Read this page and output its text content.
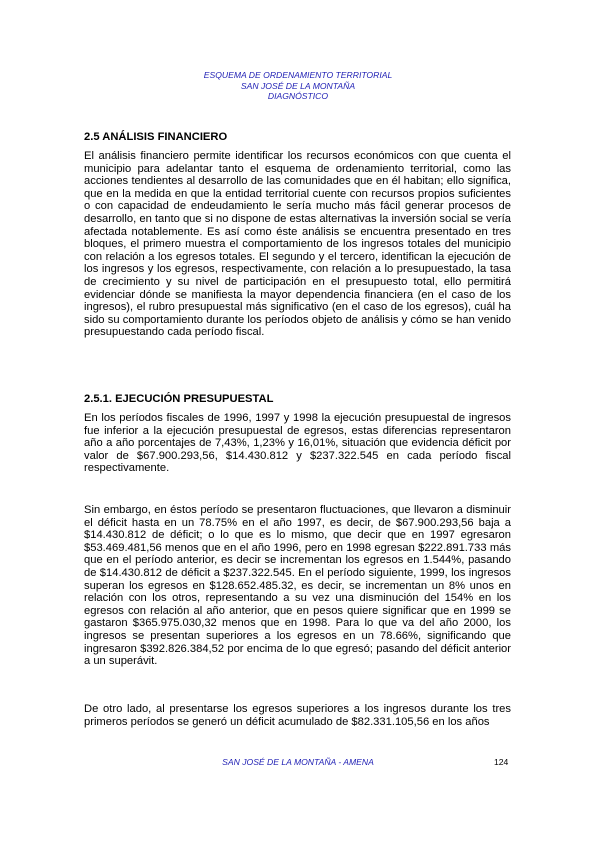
ESQUEMA DE ORDENAMIENTO TERRITORIAL
SAN JOSÉ DE LA MONTAÑA
DIAGNÓSTICO
2.5 ANÁLISIS FINANCIERO

El análisis financiero permite identificar los recursos económicos con que cuenta el municipio para adelantar tanto el esquema de ordenamiento territorial, como las acciones tendientes al desarrollo de las comunidades que en él habitan; ello significa, que en la medida en que la entidad territorial cuente con recursos propios suficientes o con capacidad de endeudamiento le sería mucho más fácil generar procesos de desarrollo, en tanto que si no dispone de estas alternativas la inversión social se vería afectada notablemente. Es así como éste análisis se encuentra presentado en tres bloques, el primero muestra el comportamiento de los ingresos totales del municipio con relación a los egresos totales. El segundo y el tercero, identifican la ejecución de los ingresos y los egresos, respectivamente, con relación a lo presupuestado, la tasa de crecimiento y su nivel de participación en el presupuesto total, ello permitirá evidenciar dónde se manifiesta la mayor dependencia financiera (en el caso de los ingresos), el rubro presupuestal más significativo (en el caso de los egresos), cuál ha sido su comportamiento durante los períodos objeto de análisis y cómo se han venido presupuestando cada período fiscal.

2.5.1. EJECUCIÓN PRESUPUESTAL

En los períodos fiscales de 1996, 1997 y 1998 la ejecución presupuestal de ingresos fue inferior a la ejecución presupuestal de egresos, estas diferencias representaron año a año porcentajes de 7,43%, 1,23% y 16,01%, situación que evidencia déficit por valor de $67.900.293,56, $14.430.812 y $237.322.545 en cada período fiscal respectivamente.

Sin embargo, en éstos período se presentaron fluctuaciones, que llevaron a disminuir el déficit hasta en un 78.75% en el año 1997, es decir, de $67.900.293,56 baja a $14.430.812 de déficit; o lo que es lo mismo, que decir que en 1997 egresaron $53.469.481,56 menos que en el año 1996, pero en 1998 egresan $222.891.733 más que en el período anterior, es decir se incrementan los egresos en 1.544%, pasando de $14.430.812 de déficit a $237.322.545. En el período siguiente, 1999, los ingresos superan los egresos en $128.652.485.32, es decir, se incrementan un 8% unos en relación con los otros, representando a su vez una disminución del 154% en los egresos con relación al año anterior, que en pesos quiere significar que en 1999 se gastaron $365.975.030,32 menos que en 1998. Para lo que va del año 2000, los ingresos se presentan superiores a los egresos en un 78.66%, significando que ingresaron $392.826.384,52 por encima de lo que egresó; pasando del déficit anterior a un superávit.

De otro lado, al presentarse los egresos superiores a los ingresos durante los tres primeros períodos se generó un déficit acumulado de $82.331.105,56 en los años

SAN JOSÉ DE LA MONTAÑA - AMENA	124
